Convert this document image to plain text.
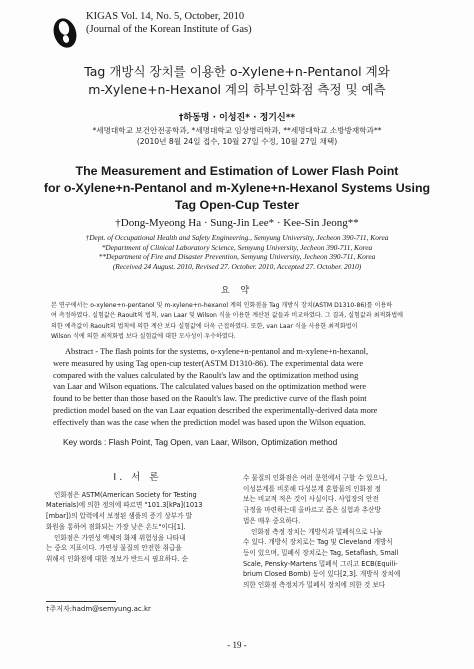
KIGAS Vol. 14, No. 5, October, 2010
(Journal of the Korean Institute of Gas)
Tag 개방식 장치를 이용한 o-Xylene+n-Pentanol 계와
m-Xylene+n-Hexanol 계의 하부인화점 측정 및 예측
†하동명 · 이성진* · 정기신**
*세명대학교 보건안전공학과, *세명대학교 임상병리학과, **세명대학교 소방방재학과**
(2010년 8월 24일 접수, 10월 27일 수정, 10월 27일 채택)
The Measurement and Estimation of Lower Flash Point
for o-Xylene+n-Pentanol and m-Xylene+n-Hexanol Systems Using
Tag Open-Cup Tester
†Dong-Myeong Ha · Sung-Jin Lee* · Kee-Sin Jeong**
†Dept. of Occupational Health and Safety Engineering., Semyung University, Jecheon 390-711, Korea
*Department of Clinical Laboratory Science, Semyung University, Jecheon 390-711, Korea
**Department of Fire and Disaster Prevention, Semyung University, Jecheon 390-711, Korea
(Received 24 August. 2010, Revised 27. October. 2010, Accepted 27. October. 2010)
요 약
본 연구에서는 o-xylene+n-pentanol 및 m-xylene+n-hexanol 계의 인화점을 Tag 개방식 장치(ASTM D1310-86)를 이용하
여 측정하였다. 실험값은 Raoult의 법칙, van Laar 및 Wilson 식을 이용한 계산된 값들과 비교하였다. 그 결과, 실험값과 최적화법에
의한 예측값이 Raoult의 법칙에 의한 계산 보다 실험값에 더욱 근접하였다. 또한, van Laar 식을 사용한 최적화법이
Wilson 식에 의한 최적화법 보다 실험값에 대한 모사성이 우수하였다.
Abstract - The flash points for the systems, o-xylene+n-pentanol and m-xylene+n-hexanol,
were measured by using Tag open-cup tester(ASTM D1310-86). The experimental data were
compared with the values calculated by the Raoult's law and the optimization method using
van Laar and Wilson equations. The calculated values based on the optimization method were
found to be better than those based on the Raoult's law. The predictive curve of the flash point
prediction model based on the van Laar equation described the experimentally-derived data more
effectively than was the case when the prediction model was based upon the Wilson equation.
Key words : Flash Point, Tag Open, van Laar, Wilson, Optimization method
I. 서 론
인화점은 ASTM(American Society for Testing
Materials)에 의한 정의에 따르면 "101.3[kPa](1013
[mbar])의 압력에서 보정된 샘플의 증기 상부가 발
화원을 통하여 점화되는 가장 낮은 온도"이다[1].
인화점은 가연성 액체의 화재 위험성을 나타내
는 중요 지표이다. 가연성 물질의 안전한 취급을
위해서 인화점에 대한 정보가 반드시 필요하다. 순
수 물질의 인화점은 여러 문헌에서 구할 수 있으나,
이성분계를 비롯해 다성분계 혼합물의 인화점 정
보는 비교적 적은 것이 사실이다. 사업장의 안전
규정을 마련하는데 올바르고 좀은 실험과 추산방
법은 매우 중요하다.
인화점 측정 장치는 개방식과 밀폐식으로 나눌
수 있다. 개방식 장치로는 Tag 및 Cleveland 개방식
등이 있으며, 밀폐식 장치로는 Tag, Setaflash, Small
Scale, Pensky-Martens 밀폐식 그리고 ECB(Equili-
brium Closed Bomb) 등이 있다[2,3]. 개방식 장치에
의한 인화점 측정치가 밀폐식 장치에 의한 것 보다
†주저자:hadm@semyung.ac.kr
- 19 -
